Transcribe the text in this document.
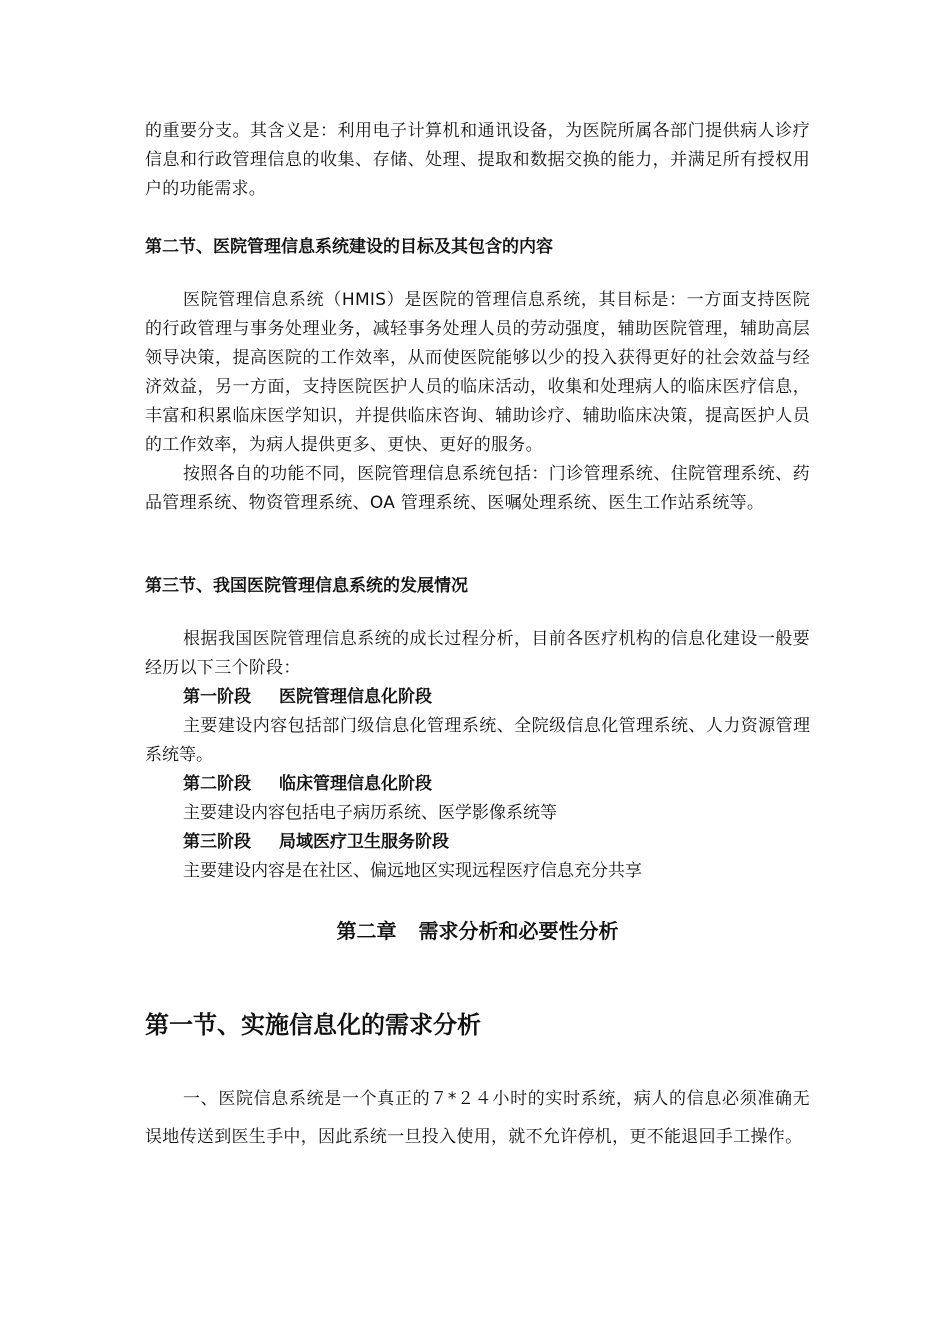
的重要分支。其含义是：利用电子计算机和通讯设备，为医院所属各部门提供病人诊疗信息和行政管理信息的收集、存储、处理、提取和数据交换的能力，并满足所有授权用户的功能需求。

第二节、医院管理信息系统建设的目标及其包含的内容

医院管理信息系统（HMIS）是医院的管理信息系统，其目标是：一方面支持医院的行政管理与事务处理业务，减轻事务处理人员的劳动强度，辅助医院管理，辅助高层领导决策，提高医院的工作效率，从而使医院能够以少的投入获得更好的社会效益与经济效益，另一方面，支持医院医护人员的临床活动，收集和处理病人的临床医疗信息，丰富和积累临床医学知识，并提供临床咨询、辅助诊疗、辅助临床决策，提高医护人员的工作效率，为病人提供更多、更快、更好的服务。

按照各自的功能不同，医院管理信息系统包括：门诊管理系统、住院管理系统、药品管理系统、物资管理系统、OA 管理系统、医嘱处理系统、医生工作站系统等。

第三节、我国医院管理信息系统的发展情况

根据我国医院管理信息系统的成长过程分析，目前各医疗机构的信息化建设一般要经历以下三个阶段：

第一阶段 医院管理信息化阶段

主要建设内容包括部门级信息化管理系统、全院级信息化管理系统、人力资源管理系统等。

第二阶段 临床管理信息化阶段

主要建设内容包括电子病历系统、医学影像系统等

第三阶段 局域医疗卫生服务阶段

主要建设内容是在社区、偏远地区实现远程医疗信息充分共享

第二章 需求分析和必要性分析
第一节、实施信息化的需求分析

一、医院信息系统是一个真正的７*２４小时的实时系统，病人的信息必须准确无误地传送到医生手中，因此系统一旦投入使用，就不允许停机，更不能退回手工操作。
